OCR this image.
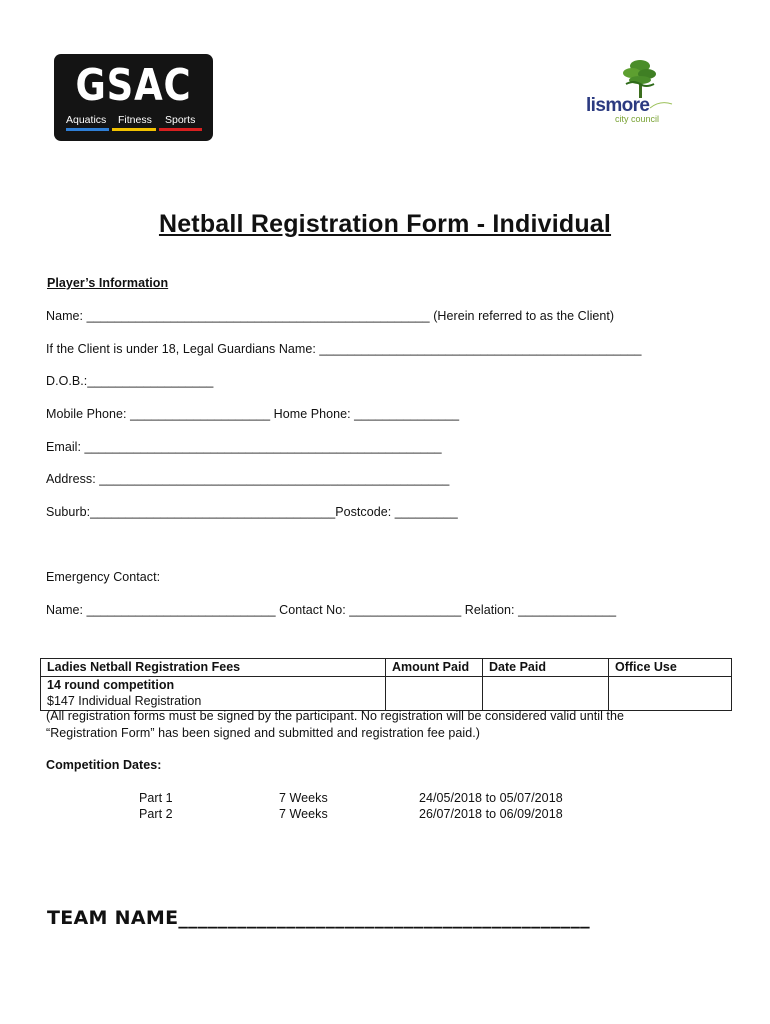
GSAC
Aquatics Fitness Sports
lismore
city council
Netball Registration Form - Individual
Player’s Information
Name: _________________________________________________ (Herein referred to as the Client)
If the Client is under 18, Legal Guardians Name: ______________________________________________
D.O.B.:__________________
Mobile Phone: ____________________ Home Phone: _______________
Email: ___________________________________________________
Address: __________________________________________________
Suburb:___________________________________Postcode: _________
Emergency Contact:
Name: ___________________________ Contact No: ________________ Relation: ______________
Ladies Netball Registration Fees	Amount Paid	Date Paid	Office Use

14 round competition
$147 Individual Registration			

(All registration forms must be signed by the participant. No registration will be considered valid until the
“Registration Form” has been signed and submitted and registration fee paid.)
Competition Dates:
Part 1	7 Weeks	24/05/2018 to 05/07/2018
Part 2	7 Weeks	26/07/2018 to 06/09/2018
TEAM NAME__________________________________________
